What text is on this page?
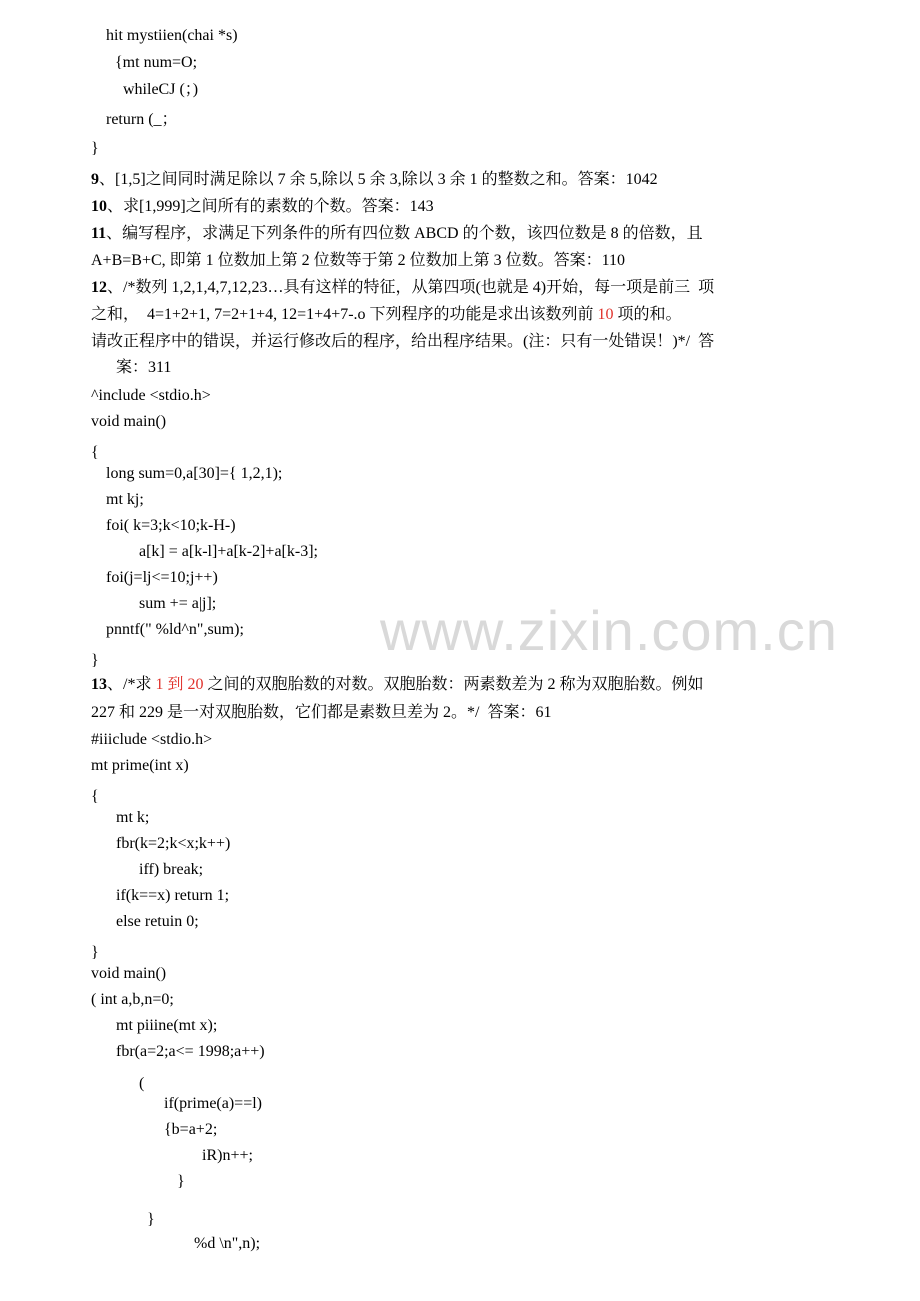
www.zixin.com.cn
hit mystiien(chai *s)
{mt num=O;
whileCJ (；)
return (_；
}
9、[1,5]之间同时满足除以 7 余 5,除以 5 余 3,除以 3 余 1 的整数之和。答案：1042
10、求[1,999]之间所有的素数的个数。答案：143
11、编写程序，求满足下列条件的所有四位数 ABCD 的个数，该四位数是 8 的倍数，且
A+B=B+C, 即第 1 位数加上第 2 位数等于第 2 位数加上第 3 位数。答案：110
12、/*数列 1,2,1,4,7,12,23…具有这样的特征，从第四项(也就是 4)开始，每一项是前三  项
之和，  4=1+2+1, 7=2+1+4, 12=1+4+7-.o 下列程序的功能是求出该数列前 10 项的和。
请改正程序中的错误，并运行修改后的程序，给出程序结果。(注：只有一处错误！)*/  答
案：311
^include <stdio.h>
void main()
{
long sum=0,a[30]={ 1,2,1);
mt kj;
foi( k=3;k<10;k-H-)
a[k] = a[k-l]+a[k-2]+a[k-3];
foi(j=lj<=10;j++)
sum += a|j];
pnntf(" %ld^n",sum);
}
13、/*求 1 到 20 之间的双胞胎数的对数。双胞胎数：两素数差为 2 称为双胞胎数。例如
227 和 229 是一对双胞胎数，它们都是素数旦差为 2。*/  答案：61
#iiiclude <stdio.h>
mt prime(int x)
{
mt k;
fbr(k=2;k<x;k++)
iff) break;
if(k==x) return 1;
else retuin 0;
}
void main()
( int a,b,n=0;
mt piiine(mt x);
fbr(a=2;a<= 1998;a++)
(
if(prime(a)==l)
{b=a+2;
iR)n++;
}
}
%d \n",n);
